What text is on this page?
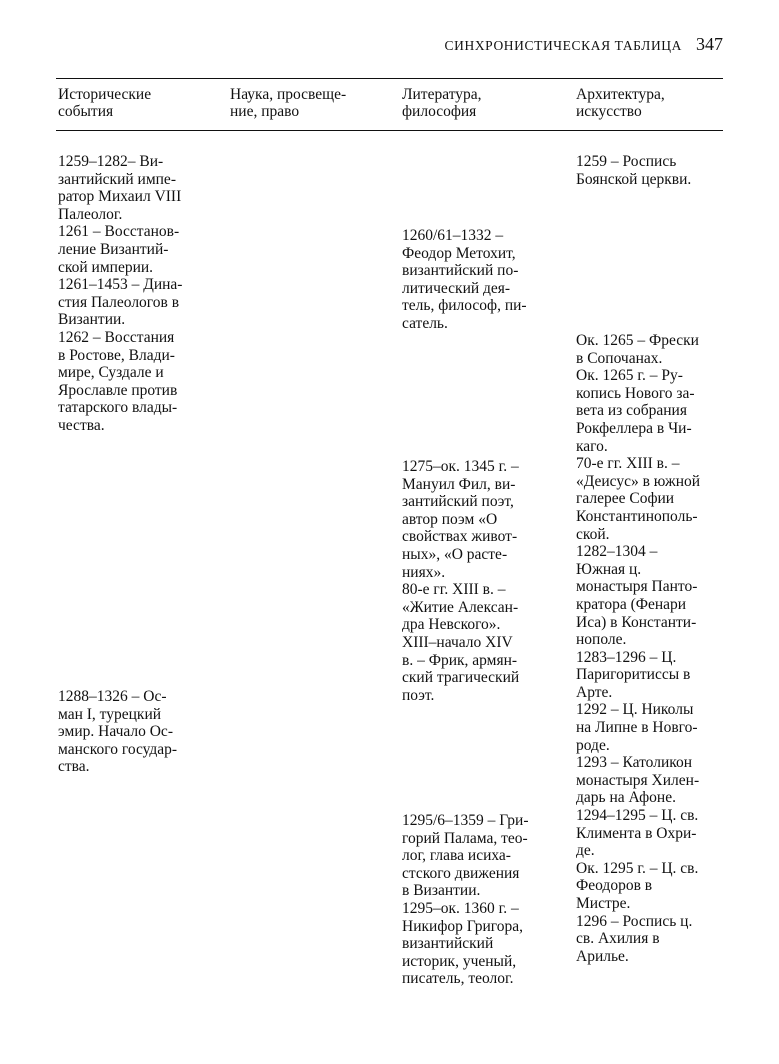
СИНХРОНИСТИЧЕСКАЯ ТАБЛИЦА 347
Исторические
события
Наука, просвеще-
ние, право
Литература,
философия
Архитектура,
искусство
1259–1282– Ви-
зантийский импе-
ратор Михаил VIII
Палеолог.
1261 – Восстанов-
ление Византий-
ской империи.
1261–1453 – Дина-
стия Палеологов в
Византии.
1262 – Восстания
в Ростове, Влади-
мире, Суздале и
Ярославле против
татарского влады-
чества.
1288–1326 – Ос-
ман I, турецкий
эмир. Начало Ос-
манского государ-
ства.
1260/61–1332 –
Феодор Метохит,
византийский по-
литический дея-
тель, философ, пи-
сатель.
1275–ок. 1345 г. –
Мануил Фил, ви-
зантийский поэт,
автор поэм «О
свойствах живот-
ных», «О расте-
ниях».
80-е гг. XIII в. –
«Житие Алексан-
дра Невского».
XIII–начало XIV
в. – Фрик, армян-
ский трагический
поэт.
1295/6–1359 – Гри-
горий Палама, тео-
лог, глава исиха-
стского движения
в Византии.
1295–ок. 1360 г. –
Никифор Григора,
византийский
историк, ученый,
писатель, теолог.
1259 – Роспись
Боянской церкви.
Ок. 1265 – Фрески
в Сопочанах.
Ок. 1265 г. – Ру-
копись Нового за-
вета из собрания
Рокфеллера в Чи-
каго.
70-е гг. XIII в. –
«Деисус» в южной
галерее Софии
Константинополь-
ской.
1282–1304 –
Южная ц.
монастыря Панто-
кратора (Фенари
Иса) в Константи-
нополе.
1283–1296 – Ц.
Паригоритиссы в
Арте.
1292 – Ц. Николы
на Липне в Новго-
роде.
1293 – Католикон
монастыря Хилен-
дарь на Афоне.
1294–1295 – Ц. св.
Климента в Охри-
де.
Ок. 1295 г. – Ц. св.
Феодоров в
Мистре.
1296 – Роспись ц.
св. Ахилия в
Арилье.
